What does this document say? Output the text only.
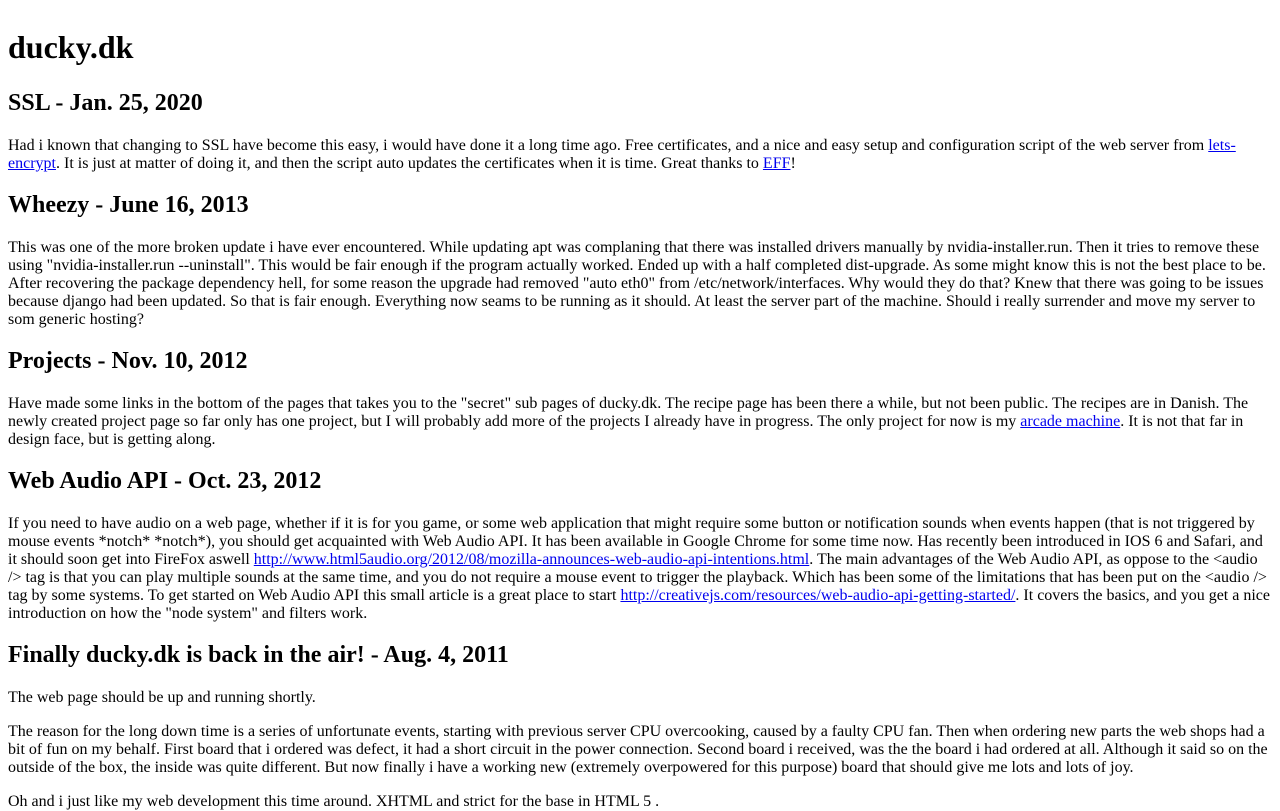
ducky.dk
SSL - Jan. 25, 2020

Had i known that changing to SSL have become this easy, i would have done it a long time ago. Free certificates, and a nice and easy setup and configuration script of the web server from lets-encrypt. It is just at matter of doing it, and then the script auto updates the certificates when it is time. Great thanks to EFF!

Wheezy - June 16, 2013

This was one of the more broken update i have ever encountered. While updating apt was complaning that there was installed drivers manually by nvidia-installer.run. Then it tries to remove these using "nvidia-installer.run --uninstall". This would be fair enough if the program actually worked. Ended up with a half completed dist-upgrade. As some might know this is not the best place to be. After recovering the package dependency hell, for some reason the upgrade had removed "auto eth0" from /etc/network/interfaces. Why would they do that? Knew that there was going to be issues because django had been updated. So that is fair enough. Everything now seams to be running as it should. At least the server part of the machine. Should i really surrender and move my server to som generic hosting?

Projects - Nov. 10, 2012

Have made some links in the bottom of the pages that takes you to the "secret" sub pages of ducky.dk. The recipe page has been there a while, but not been public. The recipes are in Danish. The newly created project page so far only has one project, but I will probably add more of the projects I already have in progress. The only project for now is my arcade machine. It is not that far in design face, but is getting along.

Web Audio API - Oct. 23, 2012

If you need to have audio on a web page, whether if it is for you game, or some web application that might require some button or notification sounds when events happen (that is not triggered by mouse events *notch* *notch*), you should get acquainted with Web Audio API. It has been available in Google Chrome for some time now. Has recently been introduced in IOS 6 and Safari, and it should soon get into FireFox aswell http://www.html5audio.org/2012/08/mozilla-announces-web-audio-api-intentions.html. The main advantages of the Web Audio API, as oppose to the <audio /> tag is that you can play multiple sounds at the same time, and you do not require a mouse event to trigger the playback. Which has been some of the limitations that has been put on the <audio /> tag by some systems. To get started on Web Audio API this small article is a great place to start http://creativejs.com/resources/web-audio-api-getting-started/. It covers the basics, and you get a nice introduction on how the "node system" and filters work.

Finally ducky.dk is back in the air! - Aug. 4, 2011

The web page should be up and running shortly.

The reason for the long down time is a series of unfortunate events, starting with previous server CPU overcooking, caused by a faulty CPU fan. Then when ordering new parts the web shops had a bit of fun on my behalf. First board that i ordered was defect, it had a short circuit in the power connection. Second board i received, was the the board i had ordered at all. Although it said so on the outside of the box, the inside was quite different. But now finally i have a working new (extremely overpowered for this purpose) board that should give me lots and lots of joy.

Oh and i just like my web development this time around. XHTML and strict for the base in HTML 5 .
